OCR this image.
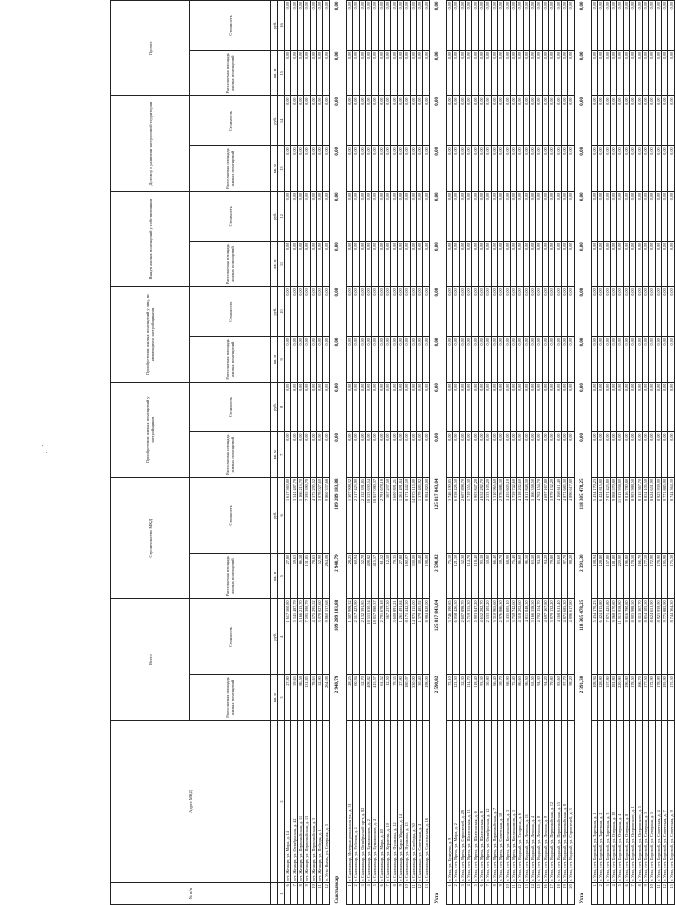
№ п/п	Адрес МКД	Всего		Строительство МКД		Приобретение жилых помещений у застройщиков		Приобретение жилых помещений у лиц, не являющихся застройщиками		Выкуп жилых помещений у собственников		Договор о развитии застроенной территории		Прочее	
		Расселяемая площадь жилых помещений	Стоимость	Расселяемая площадь жилых помещений	Стоимость	Расселяемая площадь жилых помещений	Стоимость	Расселяемая площадь жилых помещений	Стоимость	Расселяемая площадь жилых помещений	Стоимость	Расселяемая площадь жилых помещений	Стоимость	Расселяемая площадь жилых помещений	Стоимость
		кв. м	руб.	кв. м	руб.	кв. м	руб.	кв. м	руб.	кв. м	руб.	кв. м	руб.	кв. м	руб.
1	2	3	4	5	6	7	8	9	10	11	12	13	14	15	16
6	пгт. Жешарт, ул. Мира, д. 14	27,80	1 617 560,80	27,80	1 617 560,80	0,00	0,00	0,00	0,00	0,00	0,00	0,00	0,00	0,00	0,00
7	пгт. Жешарт, ул. Октябрьская, д. 42	59,63	3 341 487,79	59,63	3 341 487,79	0,00	0,00	0,00	0,00	0,00	0,00	0,00	0,00	0,00	0,00
8	пгт. Жешарт, ул. Первомайская, д. 11	86,58	5 166 213,70	86,58	5 166 213,70	0,00	0,00	0,00	0,00	0,00	0,00	0,00	0,00	0,00	0,00
9	пгт. Жешарт, ул. Первомайская, д. 13	131,85	7 595 390,79	131,85	7 595 390,79	0,00	0,00	0,00	0,00	0,00	0,00	0,00	0,00	0,00	0,00
10	пгт. Жешарт, ул. Первомайская, д. 3	78,63	4 575 295,52	78,63	4 575 295,52	0,00	0,00	0,00	0,00	0,00	0,00	0,00	0,00	0,00	0,00
11	пгт. Жешарт, ул. Победы, д. 1	52,90	3 078 027,60	52,90	3 078 027,60	0,00	0,00	0,00	0,00	0,00	0,00	0,00	0,00	0,00	0,00
12	п. Усть-Вымь, ул. Северная, д. 3	264,08	9 860 337,68	264,08	9 860 337,68	0,00	0,00	0,00	0,00	0,00	0,00	0,00	0,00	0,00	0,00
Сыктывкар		2 940,79	109 289 183,88	2 940,79	109 289 183,88	0,00	0,00	0,00	0,00	0,00	0,00	0,00	0,00	0,00	0,00
1	г. Сыктывкар, Интернациональная ул., д. 31	28,25	1 307 908,32	28,25	1 307 908,32	0,00	0,00	0,00	0,00	0,00	0,00	0,00	0,00	0,00	0,00
2	г. Сыктывкар, ул. Рабочая, д. 1	60,94	2 517 423,90	60,94	2 517 423,90	0,00	0,00	0,00	0,00	0,00	0,00	0,00	0,00	0,00	0,00
3	г. Сыктывкар, ул. Октябрьский пр-т, д. 82	52,70	2 132 391,85	52,70	2 132 391,85	0,00	0,00	0,00	0,00	0,00	0,00	0,00	0,00	0,00	0,00
4	г. Сыктывкар, ул. Бумажников, д. 2	408,82	18 553 630,54	408,82	18 553 630,54	0,00	0,00	0,00	0,00	0,00	0,00	0,00	0,00	0,00	0,00
5	г. Сыктывкар, ул. Бумажников, д. 4	415,57	18 857 080,37	415,57	18 857 080,37	0,00	0,00	0,00	0,00	0,00	0,00	0,00	0,00	0,00	0,00
6	г. Сыктывкар, ул. Мира, д. 40	61,52	2 791 678,18	61,52	2 791 678,18	0,00	0,00	0,00	0,00	0,00	0,00	0,00	0,00	0,00	0,00
7	г. Сыктывкар, ул. Куратова, д. 10	12,50	567 237,50	12,50	567 237,50	0,00	0,00	0,00	0,00	0,00	0,00	0,00	0,00	0,00	0,00
8	г. Сыктывкар, ул. Пушкина, д. 12	79,35	3 600 891,21	79,35	3 600 891,21	0,00	0,00	0,00	0,00	0,00	0,00	0,00	0,00	0,00	0,00
9	г. Сыктывкар, ул. Карла Маркса, д. 14	27,80	1 261 491,84	27,80	1 261 491,84	0,00	0,00	0,00	0,00	0,00	0,00	0,00	0,00	0,00	0,00
10	г. Сыктывкар, ул. Пушкина, д. 15	180,07	8 171 442,50	180,07	8 171 442,50	0,00	0,00	0,00	0,00	0,00	0,00	0,00	0,00	0,00	0,00
11	г. Сыктывкар, ул. Свободы, д. 30	330,00	14 975 115,00	330,00	14 975 115,00	0,00	0,00	0,00	0,00	0,00	0,00	0,00	0,00	0,00	0,00
12	г. Сыктывкar, ул. Советская, д. 4	30,40	1 379 485,92	30,40	1 379 485,92	0,00	0,00	0,00	0,00	0,00	0,00	0,00	0,00	0,00	0,00
13	г. Сыктывкар, ул. Сысольская, д. 16	198,00	8 984 820,00	198,00	8 984 820,00	0,00	0,00	0,00	0,00	0,00	0,00	0,00	0,00	0,00	0,00
Ухта		2 590,82	125 817 843,04	2 590,82	125 817 843,04	0,00	0,00	0,00	0,00	0,00	0,00	0,00	0,00	0,00	0,00
1	г. Ухта, ул. Бушуева, д. 9	75,10	3 746 190,85	75,10	3 746 190,85	0,00	0,00	0,00	0,00	0,00	0,00	0,00	0,00	0,00	0,00
2	г. Ухта, пгт. Ярега, ул. Мира, д. 2	121,50	6 058 426,50	121,50	6 058 426,50	0,00	0,00	0,00	0,00	0,00	0,00	0,00	0,00	0,00	0,00
3	г. Ухта, пгт. Ярега, ул. Строителей, д. 28	52,30	2 607 898,70	52,30	2 607 898,70	0,00	0,00	0,00	0,00	0,00	0,00	0,00	0,00	0,00	0,00
4	г. Ухта, пгт. Ярега, ул. Шахтинская, д. 11	114,70	5 719 355,30	114,70	5 719 355,30	0,00	0,00	0,00	0,00	0,00	0,00	0,00	0,00	0,00	0,00
5	г. Ухта, пгт. Ярега, ул. Шахтинская, д. 6	118,40	5 903 847,20	118,40	5 903 847,20	0,00	0,00	0,00	0,00	0,00	0,00	0,00	0,00	0,00	0,00
6	г. Ухта, пгт. Ярега, ул. Шахтинская, д. 8	93,30	4 652 282,70	93,30	4 652 282,70	0,00	0,00	0,00	0,00	0,00	0,00	0,00	0,00	0,00	0,00
7	г. Ухта, пгт. Ярега, ул. Октябрьская, д. 12	50,80	2 533 105,20	50,80	2 533 105,20	0,00	0,00	0,00	0,00	0,00	0,00	0,00	0,00	0,00	0,00
8	г. Ухта, пгт. Ярега, ул. Первомайская, д. 7	66,40	3 310 965,60	66,40	3 310 965,60	0,00	0,00	0,00	0,00	0,00	0,00	0,00	0,00	0,00	0,00
9	г. Ухта, пгт. Ярега, ул. Советская, д. 10	59,70	2 976 886,30	59,70	2 976 886,30	0,00	0,00	0,00	0,00	0,00	0,00	0,00	0,00	0,00	0,00
10	г. Ухта, пгт. Ярега, ул. Космонавтов, д. 3	68,90	3 435 605,10	68,90	3 435 605,10	0,00	0,00	0,00	0,00	0,00	0,00	0,00	0,00	0,00	0,00
11	г. Ухта, пгт. Ярега, ул. Космонавтов, д. 5	75,40	3 759 742,60	75,40	3 759 742,60	0,00	0,00	0,00	0,00	0,00	0,00	0,00	0,00	0,00	0,00
12	г. Ухта, пгт. Водный, ул. Гагарина, д. 6	86,60	4 318 202,60	86,60	4 318 202,60	0,00	0,00	0,00	0,00	0,00	0,00	0,00	0,00	0,00	0,00
13	г. Ухта, пгт. Водный, ул. Ленина, д. 11	96,50	4 811 848,50	96,50	4 811 848,50	0,00	0,00	0,00	0,00	0,00	0,00	0,00	0,00	0,00	0,00
14	г. Ухта, пгт. Водный, ул. Ленина, д. 4	63,50	3 166 358,50	63,50	3 166 358,50	0,00	0,00	0,00	0,00	0,00	0,00	0,00	0,00	0,00	0,00
15	г. Ухта, пгт. Водный, ул. Ленина, д. 8	94,30	4 702 154,70	94,30	4 702 154,70	0,00	0,00	0,00	0,00	0,00	0,00	0,00	0,00	0,00	0,00
16	г. Ухта, пгт. Водный, ул. Ленина, д. 9	94,20	4 697 167,80	94,20	4 697 167,80	0,00	0,00	0,00	0,00	0,00	0,00	0,00	0,00	0,00	0,00
17	г. Ухта, пгт. Водный, ул. Первомайская, д. 12	79,80	3 979 132,20	79,80	3 979 132,20	0,00	0,00	0,00	0,00	0,00	0,00	0,00	0,00	0,00	0,00
18	г. Ухта, пгт. Водный, ул. Первомайская, д. 15	83,60	4 168 611,40	83,60	4 168 611,40	0,00	0,00	0,00	0,00	0,00	0,00	0,00	0,00	0,00	0,00
19	г. Ухта, пгт. Водный, ул. Первомайская, д. 8	97,70	4 871 685,30	97,70	4 871 685,30	0,00	0,00	0,00	0,00	0,00	0,00	0,00	0,00	0,00	0,00
20	г. Ухта, пгт. Водный, ул. Строителей, д. 3	98,20	4 896 617,80	98,20	4 896 617,80	0,00	0,00	0,00	0,00	0,00	0,00	0,00	0,00	0,00	0,00
Ухта		2 391,30	118 305 478,25	2 391,30	118 305 478,25	0,00	0,00	0,00	0,00	0,00	0,00	0,00	0,00	0,00	0,00
1	г. Ухта, пгт. Боровой, ул. Заречная, д. 1	108,94	5 434 170,23	108,94	5 434 170,23	0,00	0,00	0,00	0,00	0,00	0,00	0,00	0,00	0,00	0,00
2	г. Ухта, пгт. Боровой, ул. Заречная, д. 2	128,80	6 424 815,80	128,80	6 424 815,80	0,00	0,00	0,00	0,00	0,00	0,00	0,00	0,00	0,00	0,00
3	г. Ухта, пгт. Боровой, ул. Заречная, д. 3	157,80	7 871 425,80	157,80	7 871 425,80	0,00	0,00	0,00	0,00	0,00	0,00	0,00	0,00	0,00	0,00
4	г. Ухта, пгт. Боровой, ул. Озерная, д. 10	181,80	9 068 570,80	181,80	9 068 570,80	0,00	0,00	0,00	0,00	0,00	0,00	0,00	0,00	0,00	0,00
5	г. Ухта, пгт. Боровой, ул. Озерная, д. 4	220,80	11 013 958,80	220,80	11 013 958,80	0,00	0,00	0,00	0,00	0,00	0,00	0,00	0,00	0,00	0,00
6	г. Ухта, пгт. Боровой, ул. Озерная, д. 8	196,80	9 816 780,80	196,80	9 816 780,80	0,00	0,00	0,00	0,00	0,00	0,00	0,00	0,00	0,00	0,00
7	г. Ухта, пгт. Боровой, ул. Островского, д. 1	178,50	8 903 988,50	178,50	8 903 988,50	0,00	0,00	0,00	0,00	0,00	0,00	0,00	0,00	0,00	0,00
8	г. Ухта, пгт. Боровой, ул. Островского, д. 5	166,70	8 315 367,70	166,70	8 315 367,70	0,00	0,00	0,00	0,00	0,00	0,00	0,00	0,00	0,00	0,00
9	г. Ухта, пгт. Боровой, ул. Северная, д. 3	177,50	8 854 105,50	177,50	8 854 105,50	0,00	0,00	0,00	0,00	0,00	0,00	0,00	0,00	0,00	0,00
10	г. Ухта, пгт. Боровой, ул. Северная, д. 5	172,90	8 624 651,90	172,90	8 624 651,90	0,00	0,00	0,00	0,00	0,00	0,00	0,00	0,00	0,00	0,00
11	г. Ухта, пгт. Боровой, ул. Советская, д. 4	178,90	8 923 939,90	178,90	8 923 939,90	0,00	0,00	0,00	0,00	0,00	0,00	0,00	0,00	0,00	0,00
12	г. Ухта, пгт. Боровой, ул. Советская, д. 7	195,90	9 771 885,90	195,90	9 771 885,90	0,00	0,00	0,00	0,00	0,00	0,00	0,00	0,00	0,00	0,00
13	г. Ухта, пгт. Боровой, ул. Советская, д. 9	175,30	8 744 364,30	175,30	8 744 364,30	0,00	0,00	0,00	0,00	0,00	0,00	0,00	0,00	0,00	0,00
